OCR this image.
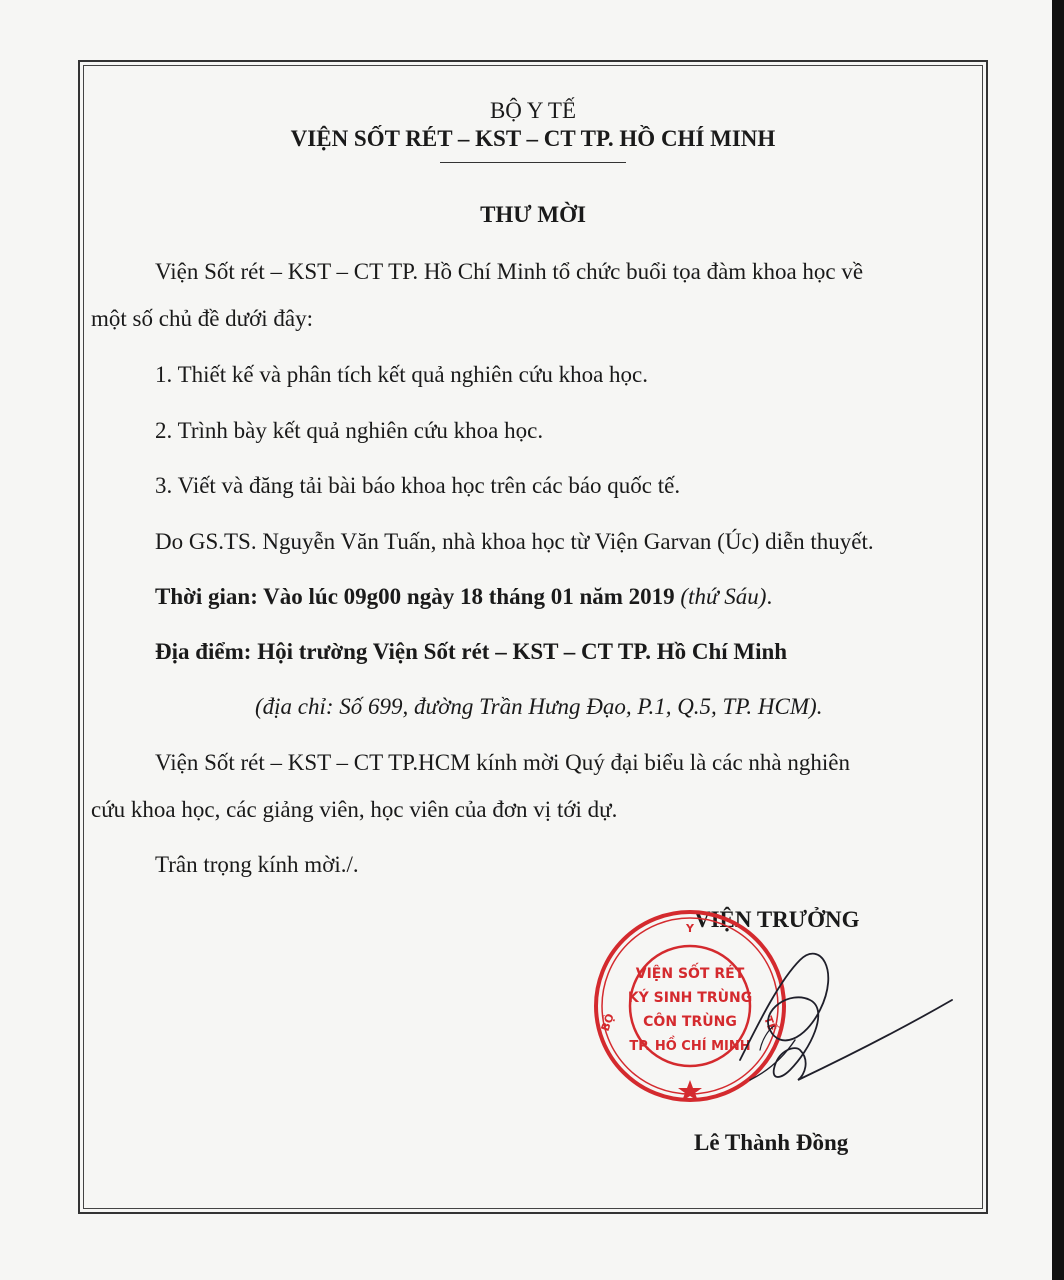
BỘ Y TẾ
VIỆN SỐT RÉT – KST – CT TP. HỒ CHÍ MINH
THƯ MỜI
Viện Sốt rét – KST – CT TP. Hồ Chí Minh tổ chức buổi tọa đàm khoa học về
một số chủ đề dưới đây:
1. Thiết kế và phân tích kết quả nghiên cứu khoa học.
2. Trình bày kết quả nghiên cứu khoa học.
3. Viết và đăng tải bài báo khoa học trên các báo quốc tế.
Do GS.TS. Nguyễn Văn Tuấn, nhà khoa học từ Viện Garvan (Úc) diễn thuyết.
Thời gian: Vào lúc 09g00 ngày 18 tháng 01 năm 2019 (thứ Sáu).
Địa điểm: Hội trường Viện Sốt rét – KST – CT TP. Hồ Chí Minh
(địa chỉ: Số 699, đường Trần Hưng Đạo, P.1, Q.5, TP. HCM).
Viện Sốt rét – KST – CT TP.HCM kính mời Quý đại biểu là các nhà nghiên
cứu khoa học, các giảng viên, học viên của đơn vị tới dự.
Trân trọng kính mời./.
VIỆN TRƯỞNG
Y
BỘ	TẾ
VIỆN SỐT RÉT
KÝ SINH TRÙNG
CÔN TRÙNG
TP. HỒ CHÍ MINH
Lê Thành Đồng
